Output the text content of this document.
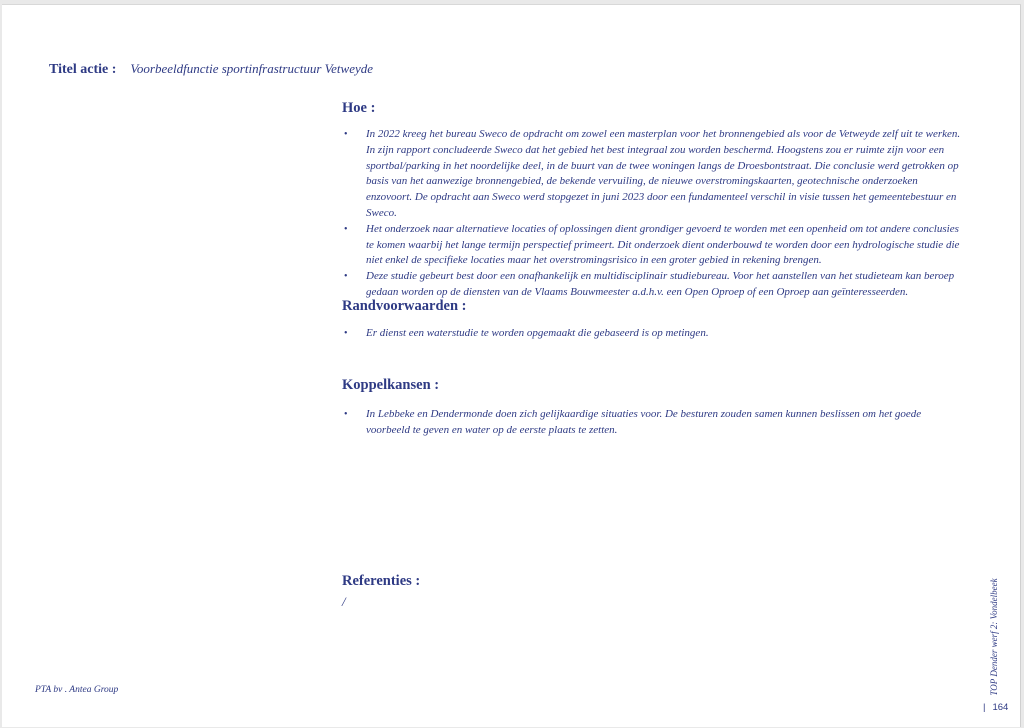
Titel actie : Voorbeeldfunctie sportinfrastructuur Vetweyde
Hoe :
• In 2022 kreeg het bureau Sweco de opdracht om zowel een masterplan voor het bronnengebied als voor de Vetweyde zelf uit te werken. In zijn rapport concludeerde Sweco dat het gebied het best integraal zou worden beschermd. Hoogstens zou er ruimte zijn voor een sportbal/parking in het noordelijke deel, in de buurt van de twee woningen langs de Droesbontstraat. Die conclusie werd getrokken op basis van het aanwezige bronnengebied, de bekende vervuiling, de nieuwe overstromingskaarten, geotechnische onderzoeken enzovoort. De opdracht aan Sweco werd stopgezet in juni 2023 door een fundamenteel verschil in visie tussen het gemeentebestuur en Sweco.
• Het onderzoek naar alternatieve locaties of oplossingen dient grondiger gevoerd te worden met een openheid om tot andere conclusies te komen waarbij het lange termijn perspectief primeert. Dit onderzoek dient onderbouwd te worden door een hydrologische studie die niet enkel de specifieke locaties maar het overstromingsrisico in een groter gebied in rekening brengen.
• Deze studie gebeurt best door een onafhankelijk en multidisciplinair studiebureau. Voor het aanstellen van het studieteam kan beroep gedaan worden op de diensten van de Vlaams Bouwmeester a.d.h.v. een Open Oproep of een Oproep aan geïnteresseerden.
Randvoorwaarden :
• Er dienst een waterstudie te worden opgemaakt die gebaseerd is op metingen.
Koppelkansen :
• In Lebbeke en Dendermonde doen zich gelijkaardige situaties voor. De besturen zouden samen kunnen beslissen om het goede voorbeeld te geven en water op de eerste plaats te zetten.
Referenties :
/
PTA bv . Antea Group	TOP Dender werf 2: Vondelbeek
| 164
